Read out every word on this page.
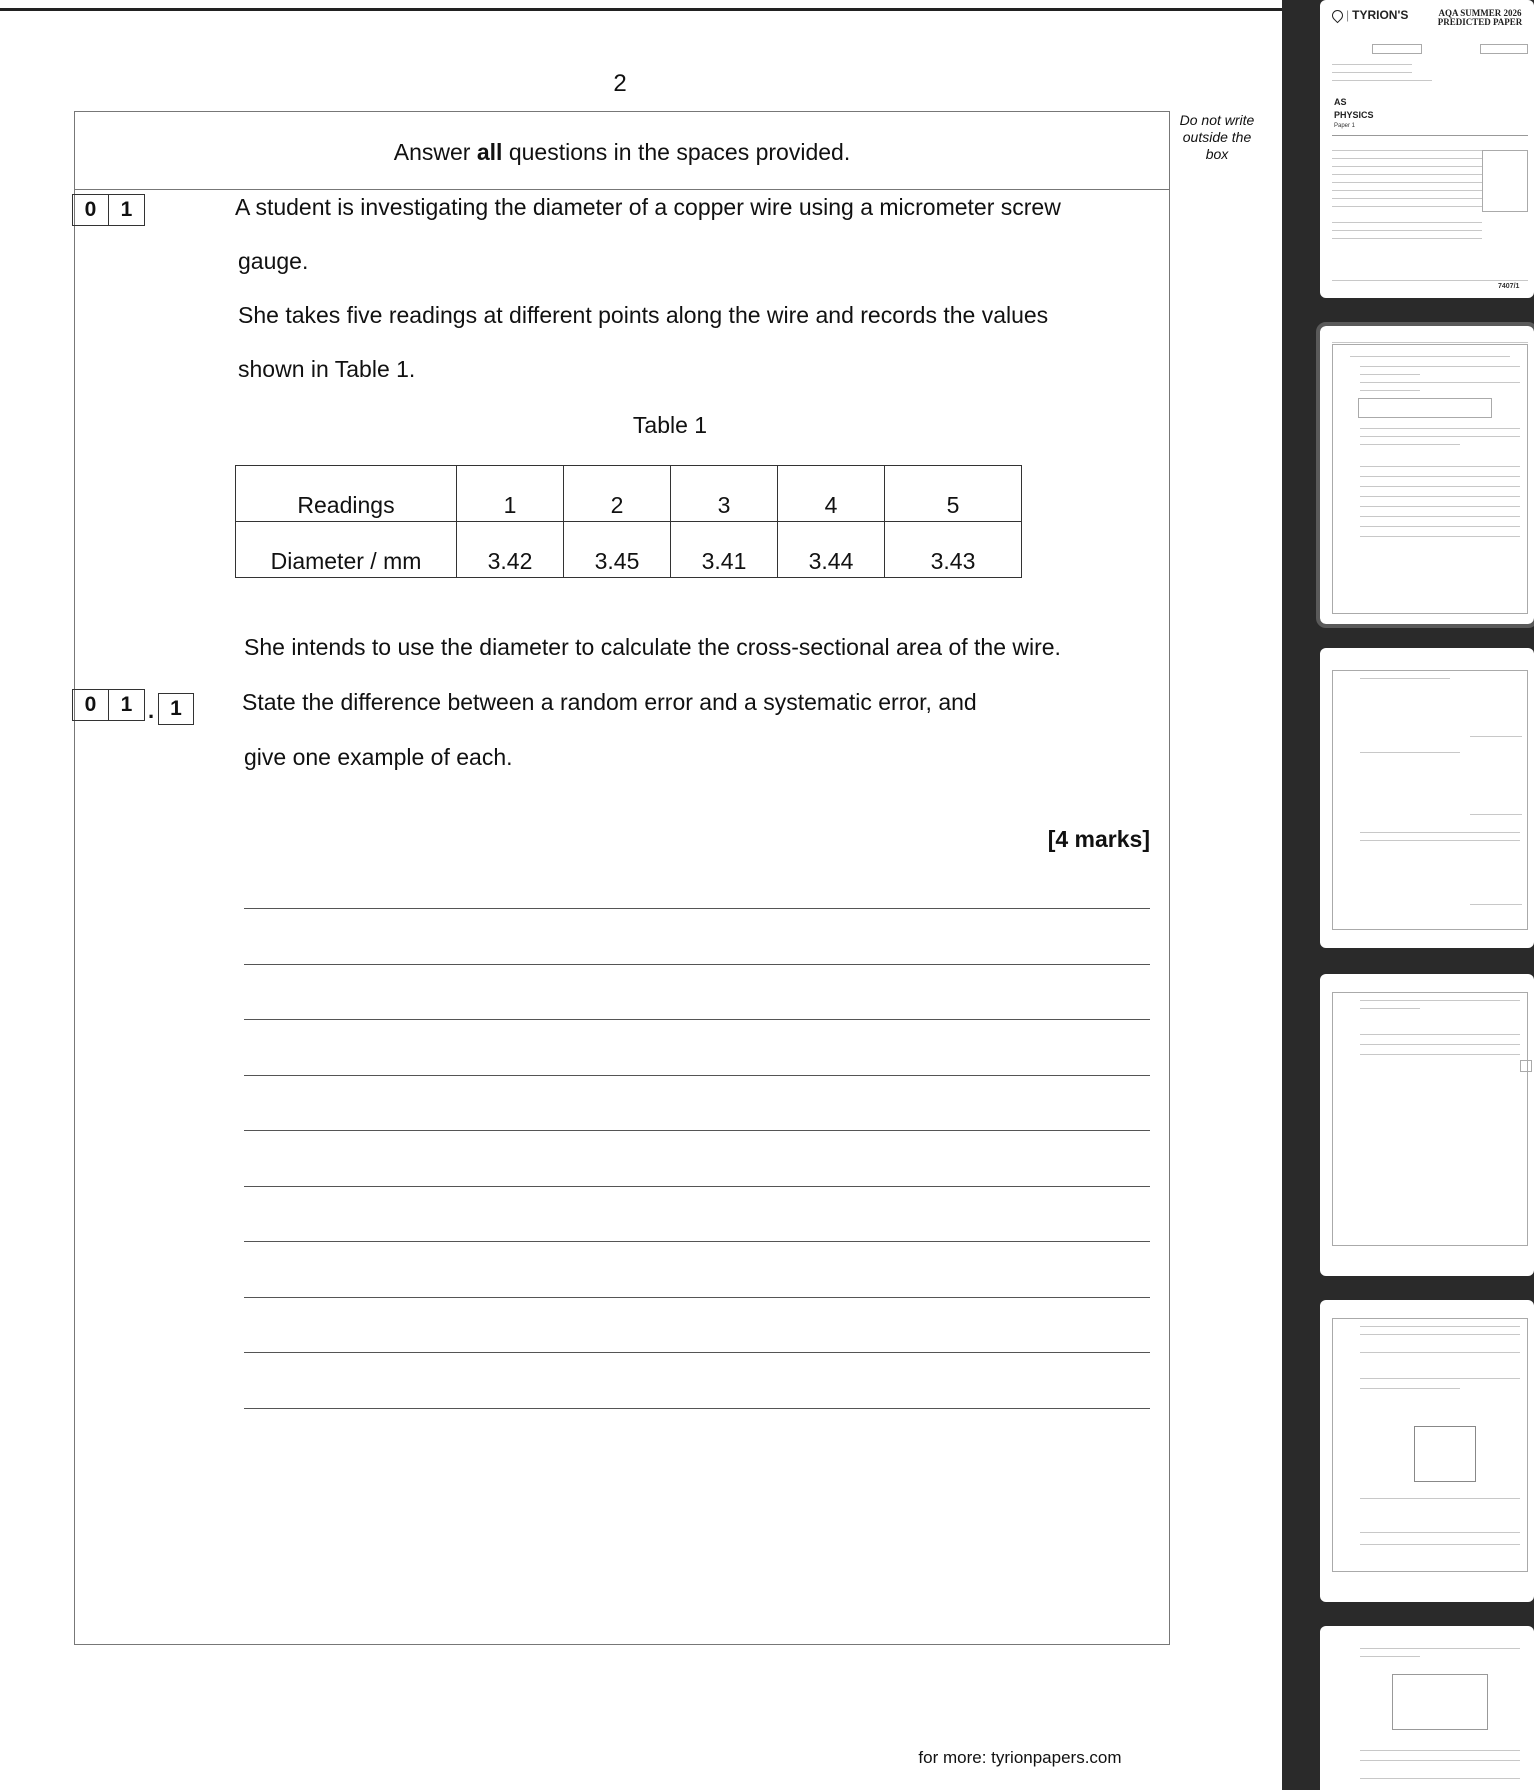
2
Answer all questions in the spaces provided.
Do not write outside the box
0	1	A student is investigating the diameter of a copper wire using a micrometer screw
gauge.
She takes five readings at different points along the wire and records the values
shown in Table 1.
Table 1
Readings	1	2	3	4	5
Diameter / mm	3.42	3.45	3.41	3.44	3.43
She intends to use the diameter to calculate the cross-sectional area of the wire.
0	1 . 1	State the difference between a random error and a systematic error, and
give one example of each.
[4 marks]
for more: tyrionpapers.com
| TYRION'S	AQA SUMMER 2026 PREDICTED PAPER
AS
PHYSICS
Paper 1
7407/1
